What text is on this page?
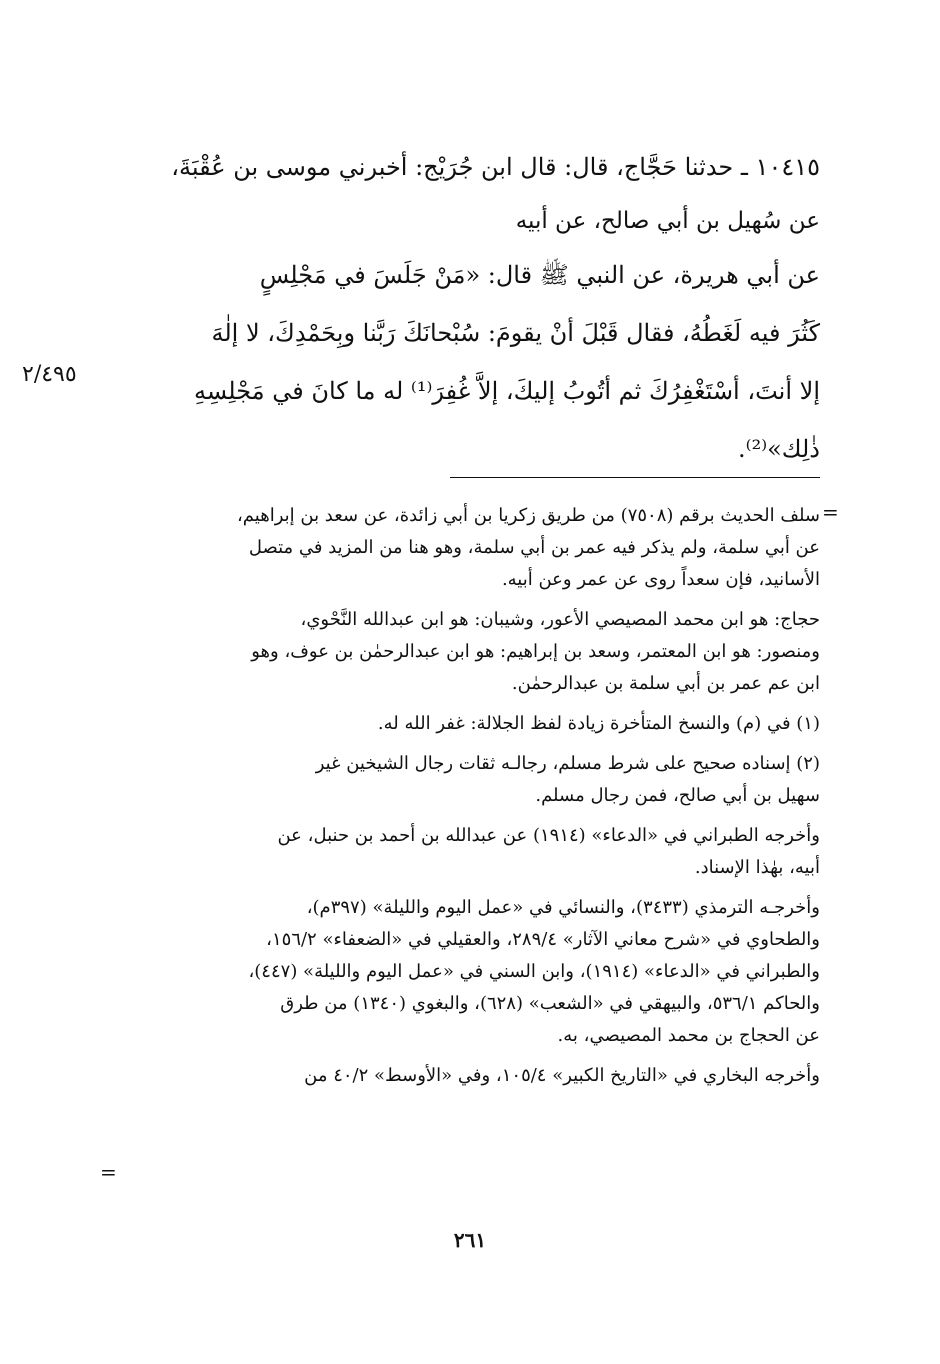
١٠٤١٥ ـ حدثنا حَجَّاج، قال: قال ابن جُرَيْج: أخبرني موسى بن عُقْبَةَ،
عن سُهيل بن أبي صالح، عن أبيه
عن أبي هريرة، عن النبي ﷺ قال: «مَنْ جَلَسَ في مَجْلِسٍ
كَثُرَ فيه لَغَطُهُ، فقال قَبْلَ أنْ يقومَ: سُبْحانَكَ رَبَّنا وبِحَمْدِكَ، لا إلٰهَ
إلا أنتَ، أسْتَغْفِرُكَ ثم أتُوبُ إليكَ، إلاَّ غُفِرَ⁽¹⁾ له ما كانَ في مَجْلِسِهِ
ذٰلِك»⁽²⁾.
٢/٤٩٥
=
سلف الحديث برقم (٧٥٠٨) من طريق زكريا بن أبي زائدة، عن سعد بن إبراهيم،
عن أبي سلمة، ولم يذكر فيه عمر بن أبي سلمة، وهو هنا من المزيد في متصل
الأسانيد، فإن سعداً روى عن عمر وعن أبيه.
حجاج: هو ابن محمد المصيصي الأعور، وشيبان: هو ابن عبدالله النَّحْوي،
ومنصور: هو ابن المعتمر، وسعد بن إبراهيم: هو ابن عبدالرحمٰن بن عوف، وهو
ابن عم عمر بن أبي سلمة بن عبدالرحمٰن.
(١) في (م) والنسخ المتأخرة زيادة لفظ الجلالة: غفر الله له.
(٢) إسناده صحيح على شرط مسلم، رجالـه ثقات رجال الشيخين غير
سهيل بن أبي صالح، فمن رجال مسلم.
وأخرجه الطبراني في «الدعاء» (١٩١٤) عن عبدالله بن أحمد بن حنبل، عن
أبيه، بهٰذا الإسناد.
وأخرجـه الترمذي (٣٤٣٣)، والنسائي في «عمل اليوم والليلة» (٣٩٧م)،
والطحاوي في «شرح معاني الآثار» ٢٨٩/٤، والعقيلي في «الضعفاء» ١٥٦/٢،
والطبراني في «الدعاء» (١٩١٤)، وابن السني في «عمل اليوم والليلة» (٤٤٧)،
والحاكم ٥٣٦/١، والبيهقي في «الشعب» (٦٢٨)، والبغوي (١٣٤٠) من طرق
عن الحجاج بن محمد المصيصي، به.
وأخرجه البخاري في «التاريخ الكبير» ١٠٥/٤، وفي «الأوسط» ٤٠/٢ من
=
٢٦١
